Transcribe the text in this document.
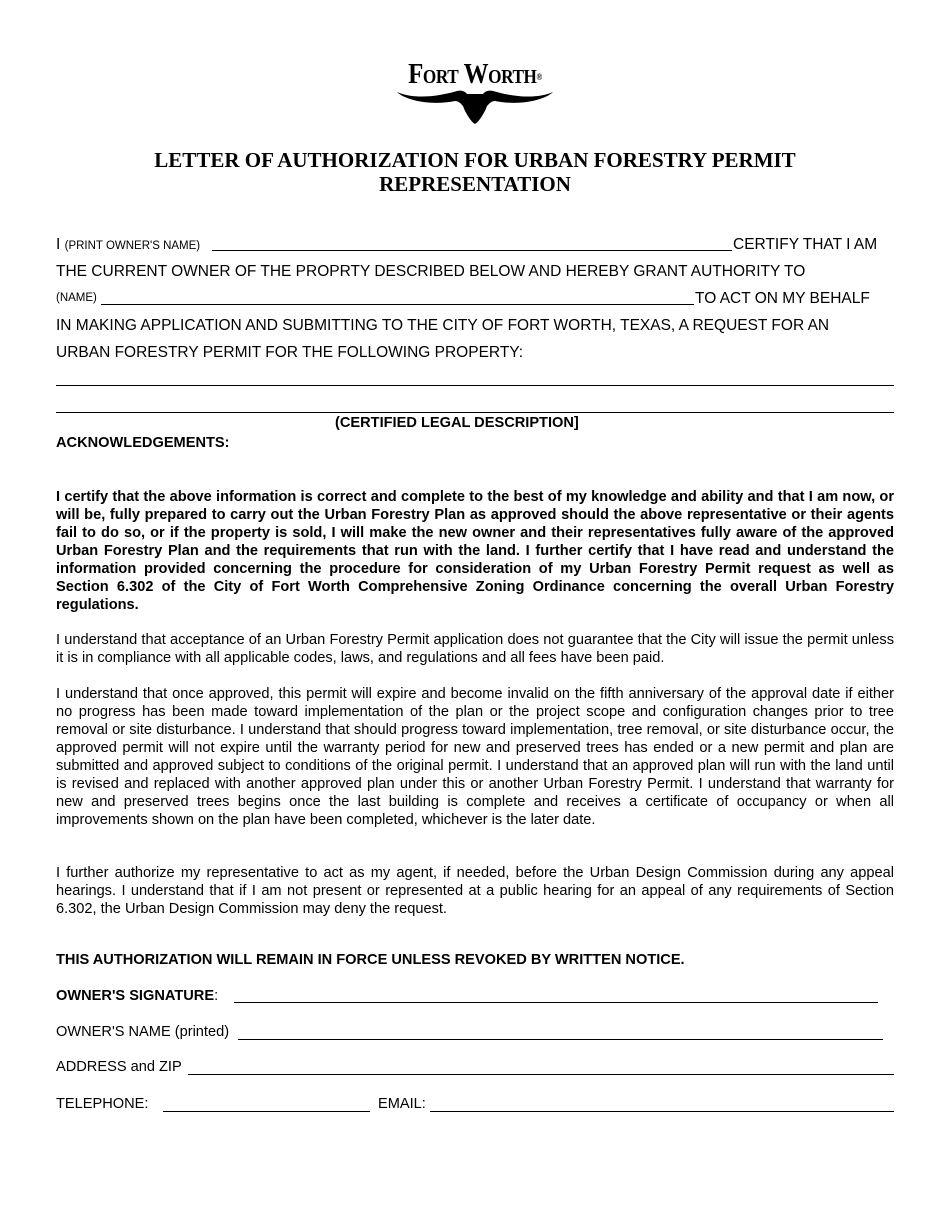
Fort Worth®
LETTER OF AUTHORIZATION FOR URBAN FORESTRY PERMIT
REPRESENTATION
I (PRINT OWNER'S NAME)	CERTIFY THAT I AM
THE CURRENT OWNER OF THE PROPRTY DESCRIBED BELOW AND HEREBY GRANT AUTHORITY TO
(NAME)	TO ACT ON MY BEHALF
IN MAKING APPLICATION AND SUBMITTING TO THE CITY OF FORT WORTH, TEXAS, A REQUEST FOR AN
URBAN FORESTRY PERMIT FOR THE FOLLOWING PROPERTY:
(CERTIFIED LEGAL DESCRIPTION]
ACKNOWLEDGEMENTS:
I certify that the above information is correct and complete to the best of my knowledge and ability and that I am now, or will be, fully prepared to carry out the Urban Forestry Plan as approved should the above representative or their agents fail to do so, or if the property is sold, I will make the new owner and their representatives fully aware of the approved Urban Forestry Plan and the requirements that run with the land. I further certify that I have read and understand the information provided concerning the procedure for consideration of my Urban Forestry Permit request as well as Section 6.302 of the City of Fort Worth Comprehensive Zoning Ordinance concerning the overall Urban Forestry regulations.
I understand that acceptance of an Urban Forestry Permit application does not guarantee that the City will issue the permit unless it is in compliance with all applicable codes, laws, and regulations and all fees have been paid.
I understand that once approved, this permit will expire and become invalid on the fifth anniversary of the approval date if either no progress has been made toward implementation of the plan or the project scope and configuration changes prior to tree removal or site disturbance. I understand that should progress toward implementation, tree removal, or site disturbance occur, the approved permit will not expire until the warranty period for new and preserved trees has ended or a new permit and plan are submitted and approved subject to conditions of the original permit. I understand that an approved plan will run with the land until is revised and replaced with another approved plan under this or another Urban Forestry Permit. I understand that warranty for new and preserved trees begins once the last building is complete and receives a certificate of occupancy or when all improvements shown on the plan have been completed, whichever is the later date.
I further authorize my representative to act as my agent, if needed, before the Urban Design Commission during any appeal hearings. I understand that if I am not present or represented at a public hearing for an appeal of any requirements of Section 6.302, the Urban Design Commission may deny the request.
THIS AUTHORIZATION WILL REMAIN IN FORCE UNLESS REVOKED BY WRITTEN NOTICE.
OWNER'S SIGNATURE:
OWNER'S NAME (printed)
ADDRESS and ZIP
TELEPHONE:	EMAIL:
